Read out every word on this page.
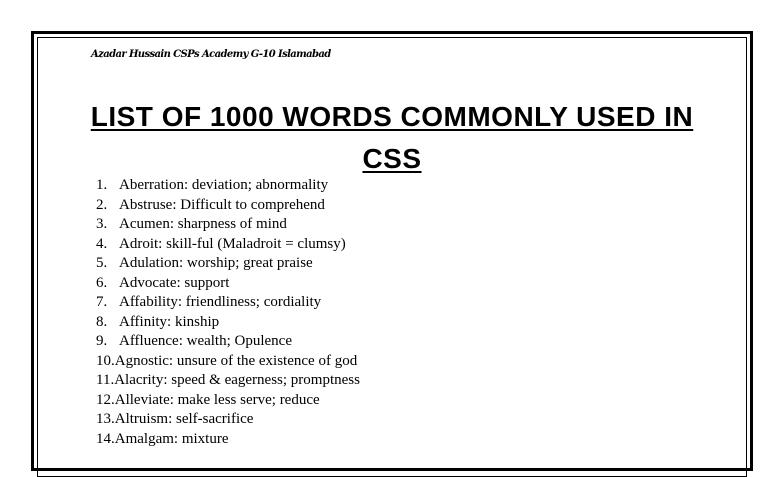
Azadar Hussain CSPs Academy G-10 Islamabad
LIST OF 1000 WORDS COMMONLY USED IN
CSS
1. Aberration: deviation; abnormality
2. Abstruse: Difficult to comprehend
3. Acumen: sharpness of mind
4. Adroit: skill-ful (Maladroit = clumsy)
5. Adulation: worship; great praise
6. Advocate: support
7. Affability: friendliness; cordiality
8. Affinity: kinship
9. Affluence: wealth; Opulence
10.Agnostic: unsure of the existence of god
11.Alacrity: speed & eagerness; promptness
12.Alleviate: make less serve; reduce
13.Altruism: self-sacrifice
14.Amalgam: mixture
